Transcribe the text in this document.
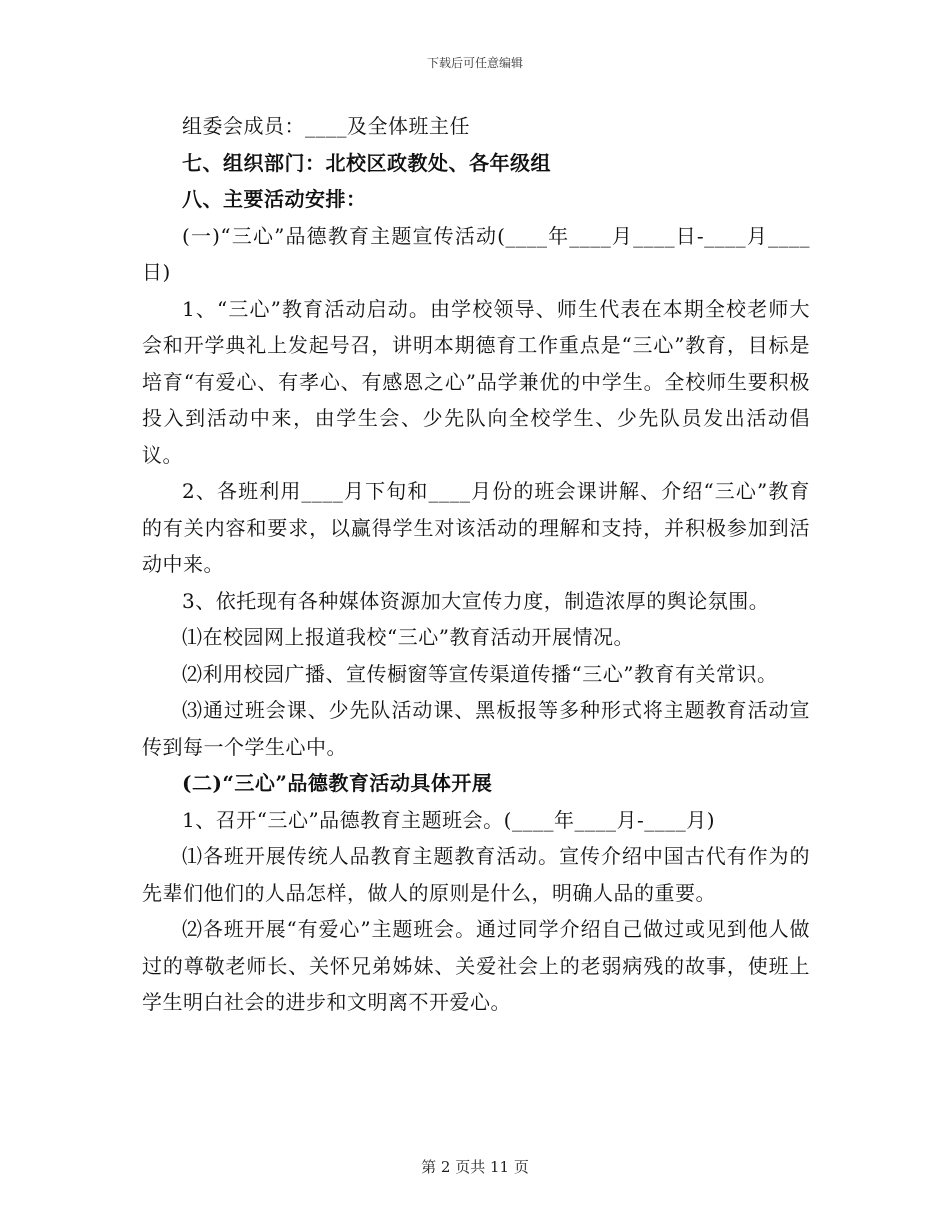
下载后可任意编辑

组委会成员：____及全体班主任

七、组织部门：北校区政教处、各年级组

八、主要活动安排：

(一)“三心”品德教育主题宣传活动(____年____月____日-____月____日)

1、“三心”教育活动启动。由学校领导、师生代表在本期全校老师大会和开学典礼上发起号召，讲明本期德育工作重点是“三心”教育，目标是培育“有爱心、有孝心、有感恩之心”品学兼优的中学生。全校师生要积极投入到活动中来，由学生会、少先队向全校学生、少先队员发出活动倡议。

2、各班利用____月下旬和____月份的班会课讲解、介绍“三心”教育的有关内容和要求，以赢得学生对该活动的理解和支持，并积极参加到活动中来。

3、依托现有各种媒体资源加大宣传力度，制造浓厚的舆论氛围。

⑴在校园网上报道我校“三心”教育活动开展情况。

⑵利用校园广播、宣传橱窗等宣传渠道传播“三心”教育有关常识。

⑶通过班会课、少先队活动课、黑板报等多种形式将主题教育活动宣传到每一个学生心中。

(二)“三心”品德教育活动具体开展

1、召开“三心”品德教育主题班会。(____年____月-____月)

⑴各班开展传统人品教育主题教育活动。宣传介绍中国古代有作为的先辈们他们的人品怎样，做人的原则是什么，明确人品的重要。

⑵各班开展“有爱心”主题班会。通过同学介绍自己做过或见到他人做过的尊敬老师长、关怀兄弟姊妹、关爱社会上的老弱病残的故事，使班上学生明白社会的进步和文明离不开爱心。

第 2 页共 11 页
